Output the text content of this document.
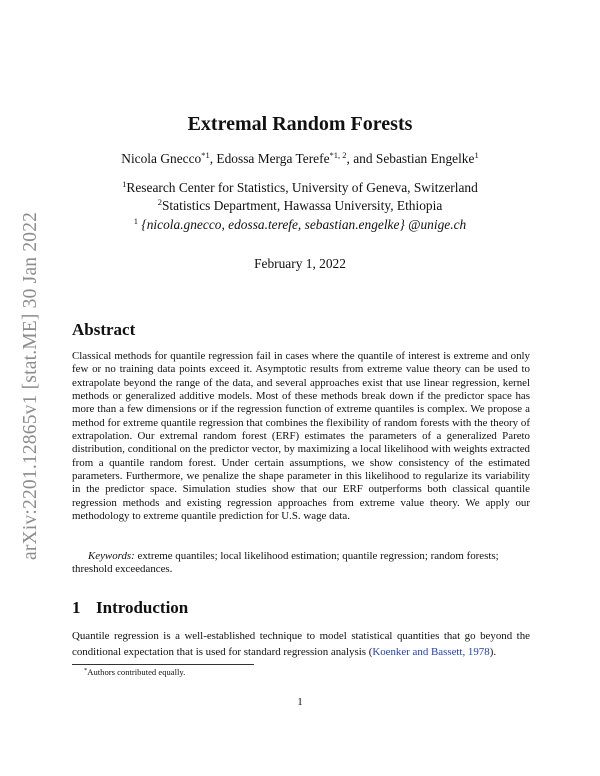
arXiv:2201.12865v1 [stat.ME] 30 Jan 2022
Extremal Random Forests
Nicola Gnecco$^{*1}$, Edossa Merga Terefe$^{*1, 2}$, and Sebastian Engelke$^1$
$^1$Research Center for Statistics, University of Geneva, Switzerland
$^2$Statistics Department, Hawassa University, Ethiopia
$^1$ {nicola.gnecco, edossa.terefe, sebastian.engelke} @unige.ch
February 1, 2022
Abstract
Classical methods for quantile regression fail in cases where the quantile of interest is extreme and only few or no training data points exceed it. Asymptotic results from extreme value theory can be used to extrapolate beyond the range of the data, and several approaches exist that use linear regression, kernel methods or generalized additive models. Most of these methods break down if the predictor space has more than a few dimensions or if the regression function of extreme quantiles is complex. We propose a method for extreme quantile regression that combines the flexibility of random forests with the theory of extrapolation. Our extremal random forest (ERF) estimates the parameters of a generalized Pareto distribution, conditional on the predictor vector, by maximizing a local likelihood with weights extracted from a quantile random forest. Under certain assumptions, we show consistency of the estimated parameters. Furthermore, we penalize the shape parameter in this likelihood to regularize its variability in the predictor space. Simulation studies show that our ERF outperforms both classical quantile regression methods and existing regression approaches from extreme value theory. We apply our methodology to extreme quantile prediction for U.S. wage data.
Keywords: extreme quantiles; local likelihood estimation; quantile regression; random forests; threshold exceedances.
1 Introduction
Quantile regression is a well-established technique to model statistical quantities that go beyond the conditional expectation that is used for standard regression analysis (Koenker and Bassett, 1978).
*Authors contributed equally.
1
